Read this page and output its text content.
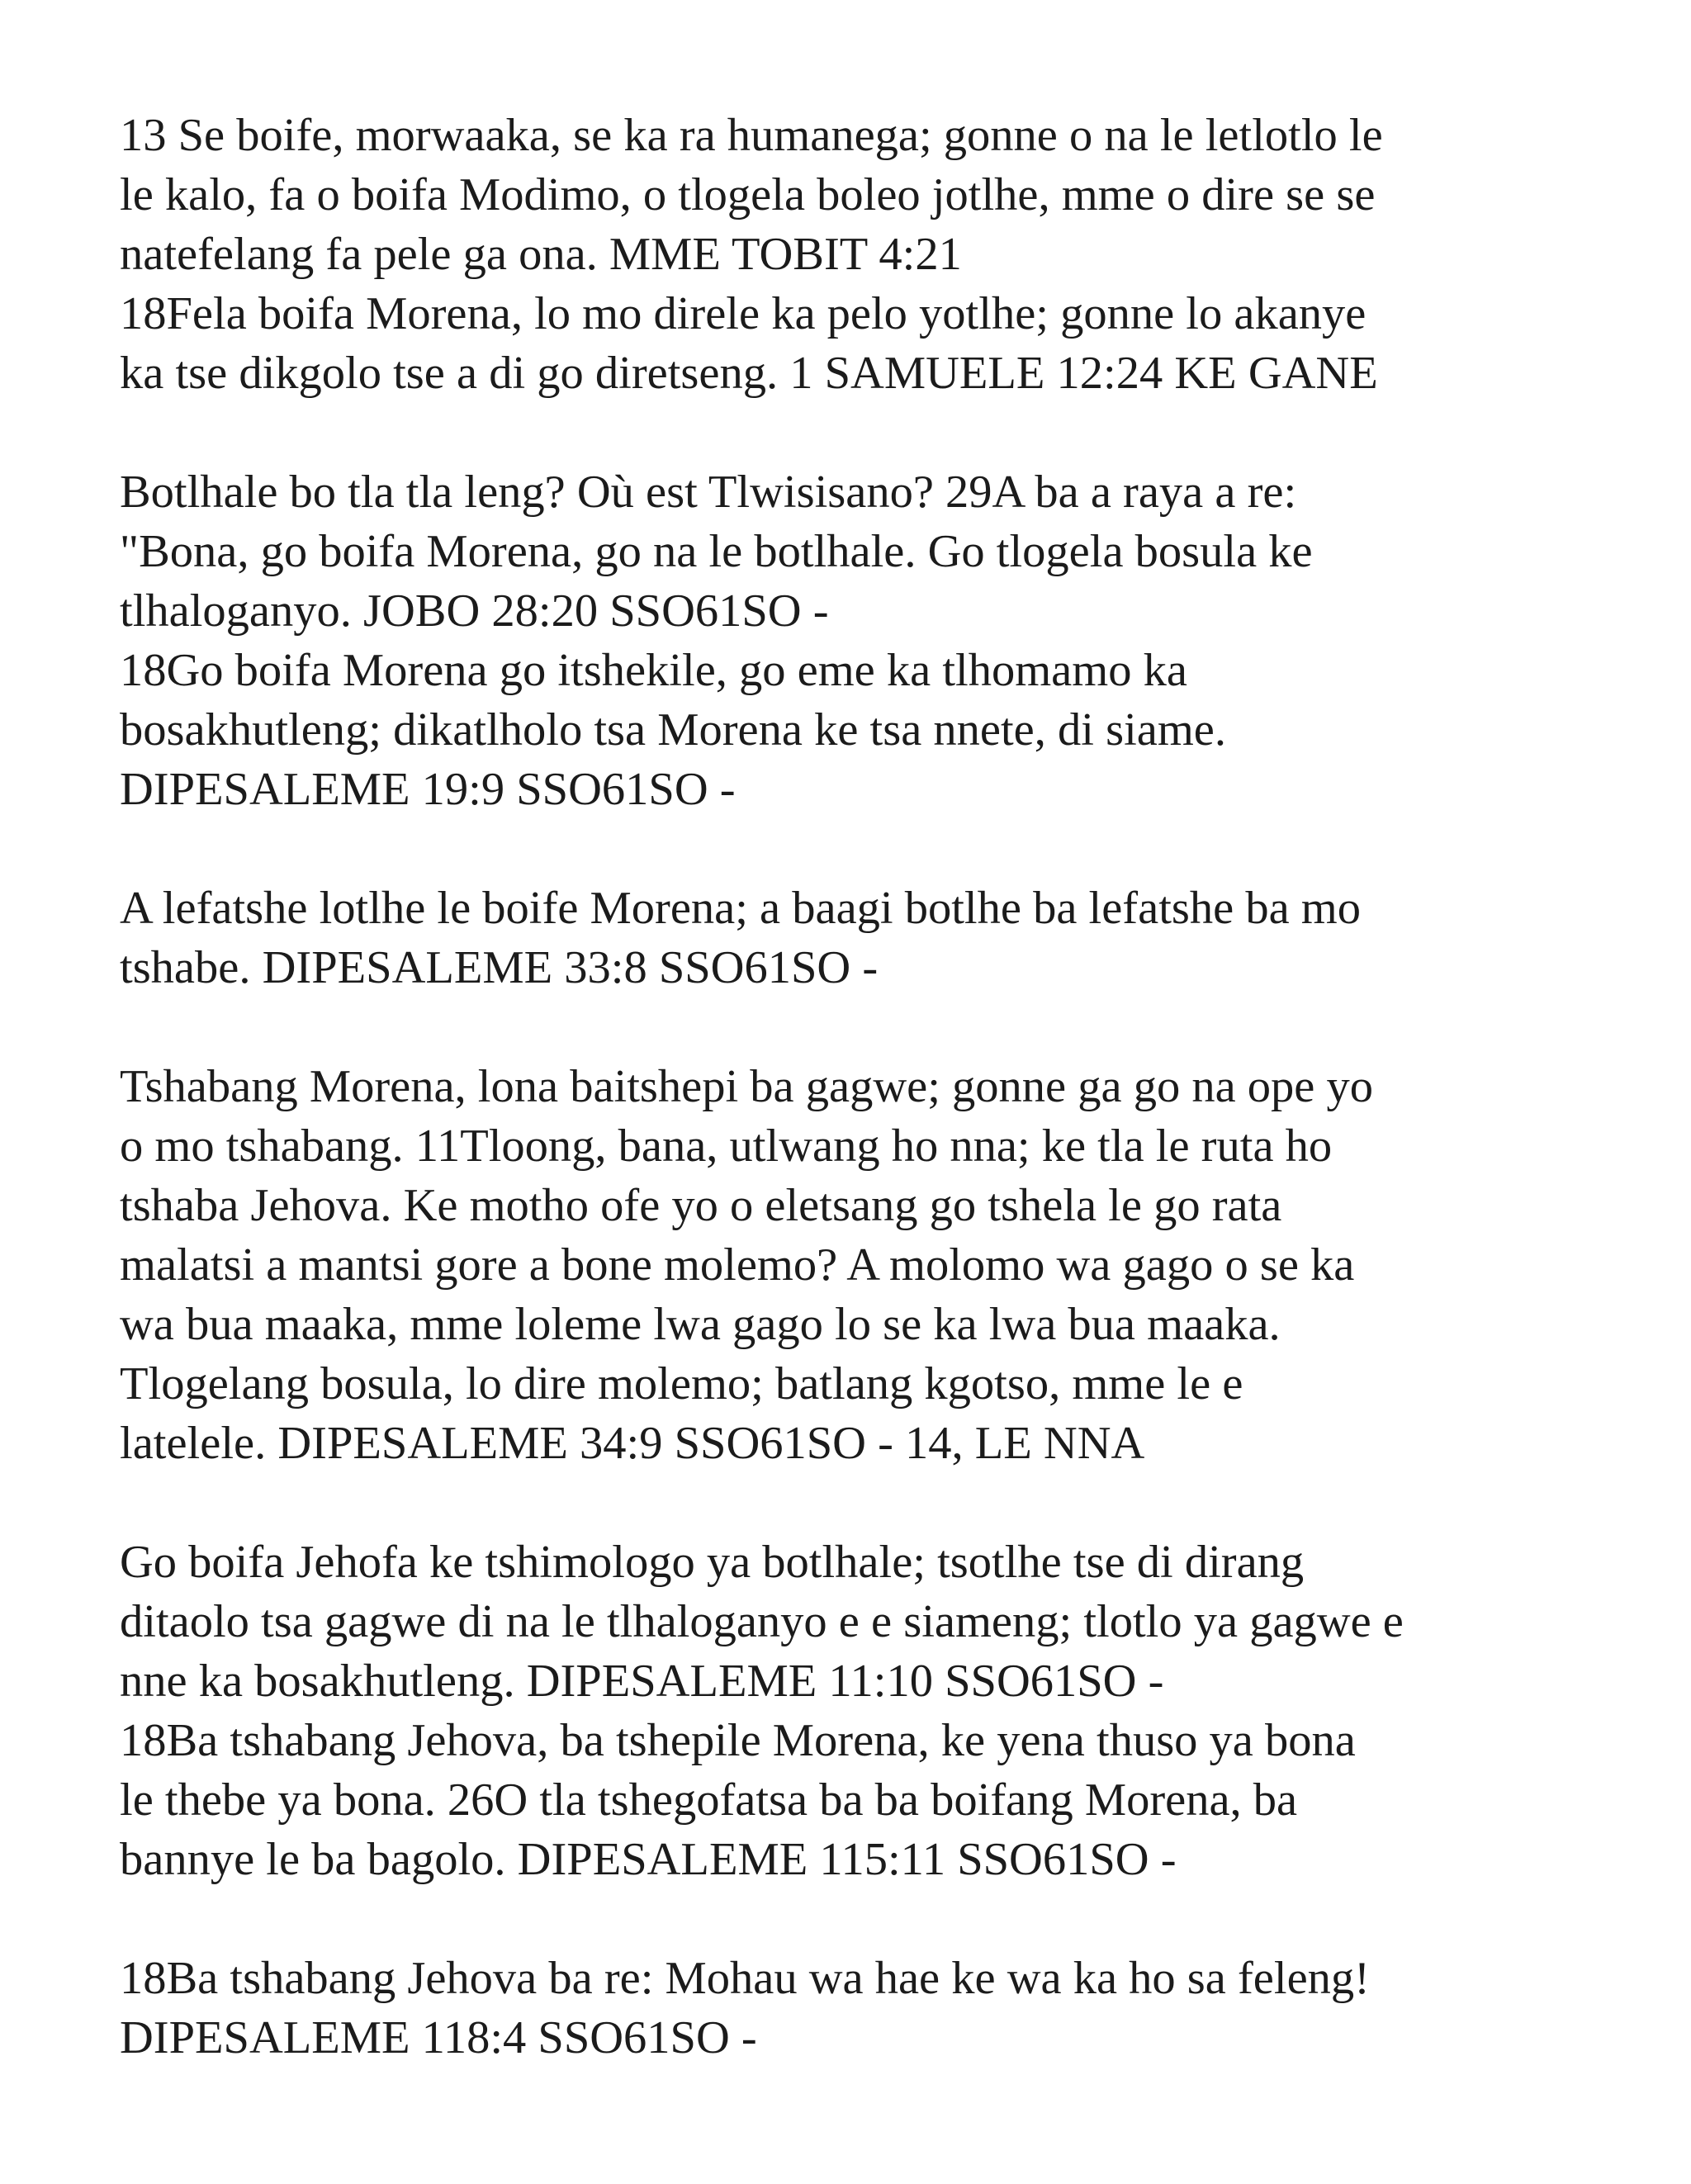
13 Se boife, morwaaka, se ka ra humanega; gonne o na le letlotlo le
le kalo, fa o boifa Modimo, o tlogela boleo jotlhe, mme o dire se se
natefelang fa pele ga ona. MME TOBIT 4:21
18Fela boifa Morena, lo mo direle ka pelo yotlhe; gonne lo akanye
ka tse dikgolo tse a di go diretseng. 1 SAMUELE 12:24 KE GANE
Botlhale bo tla tla leng? Où est Tlwisisano? 29A ba a raya a re:
"Bona, go boifa Morena, go na le botlhale. Go tlogela bosula ke
tlhaloganyo. JOBO 28:20 SSO61SO -
18Go boifa Morena go itshekile, go eme ka tlhomamo ka
bosakhutleng; dikatlholo tsa Morena ke tsa nnete, di siame.
DIPESALEME 19:9 SSO61SO -
A lefatshe lotlhe le boife Morena; a baagi botlhe ba lefatshe ba mo
tshabe. DIPESALEME 33:8 SSO61SO -
Tshabang Morena, lona baitshepi ba gagwe; gonne ga go na ope yo
o mo tshabang. 11Tloong, bana, utlwang ho nna; ke tla le ruta ho
tshaba Jehova. Ke motho ofe yo o eletsang go tshela le go rata
malatsi a mantsi gore a bone molemo? A molomo wa gago o se ka
wa bua maaka, mme loleme lwa gago lo se ka lwa bua maaka.
Tlogelang bosula, lo dire molemo; batlang kgotso, mme le e
latelele. DIPESALEME 34:9 SSO61SO - 14, LE NNA
Go boifa Jehofa ke tshimologo ya botlhale; tsotlhe tse di dirang
ditaolo tsa gagwe di na le tlhaloganyo e e siameng; tlotlo ya gagwe e
nne ka bosakhutleng. DIPESALEME 11:10 SSO61SO -
18Ba tshabang Jehova, ba tshepile Morena, ke yena thuso ya bona
le thebe ya bona. 26O tla tshegofatsa ba ba boifang Morena, ba
bannye le ba bagolo. DIPESALEME 115:11 SSO61SO -
18Ba tshabang Jehova ba re: Mohau wa hae ke wa ka ho sa feleng!
DIPESALEME 118:4 SSO61SO -
